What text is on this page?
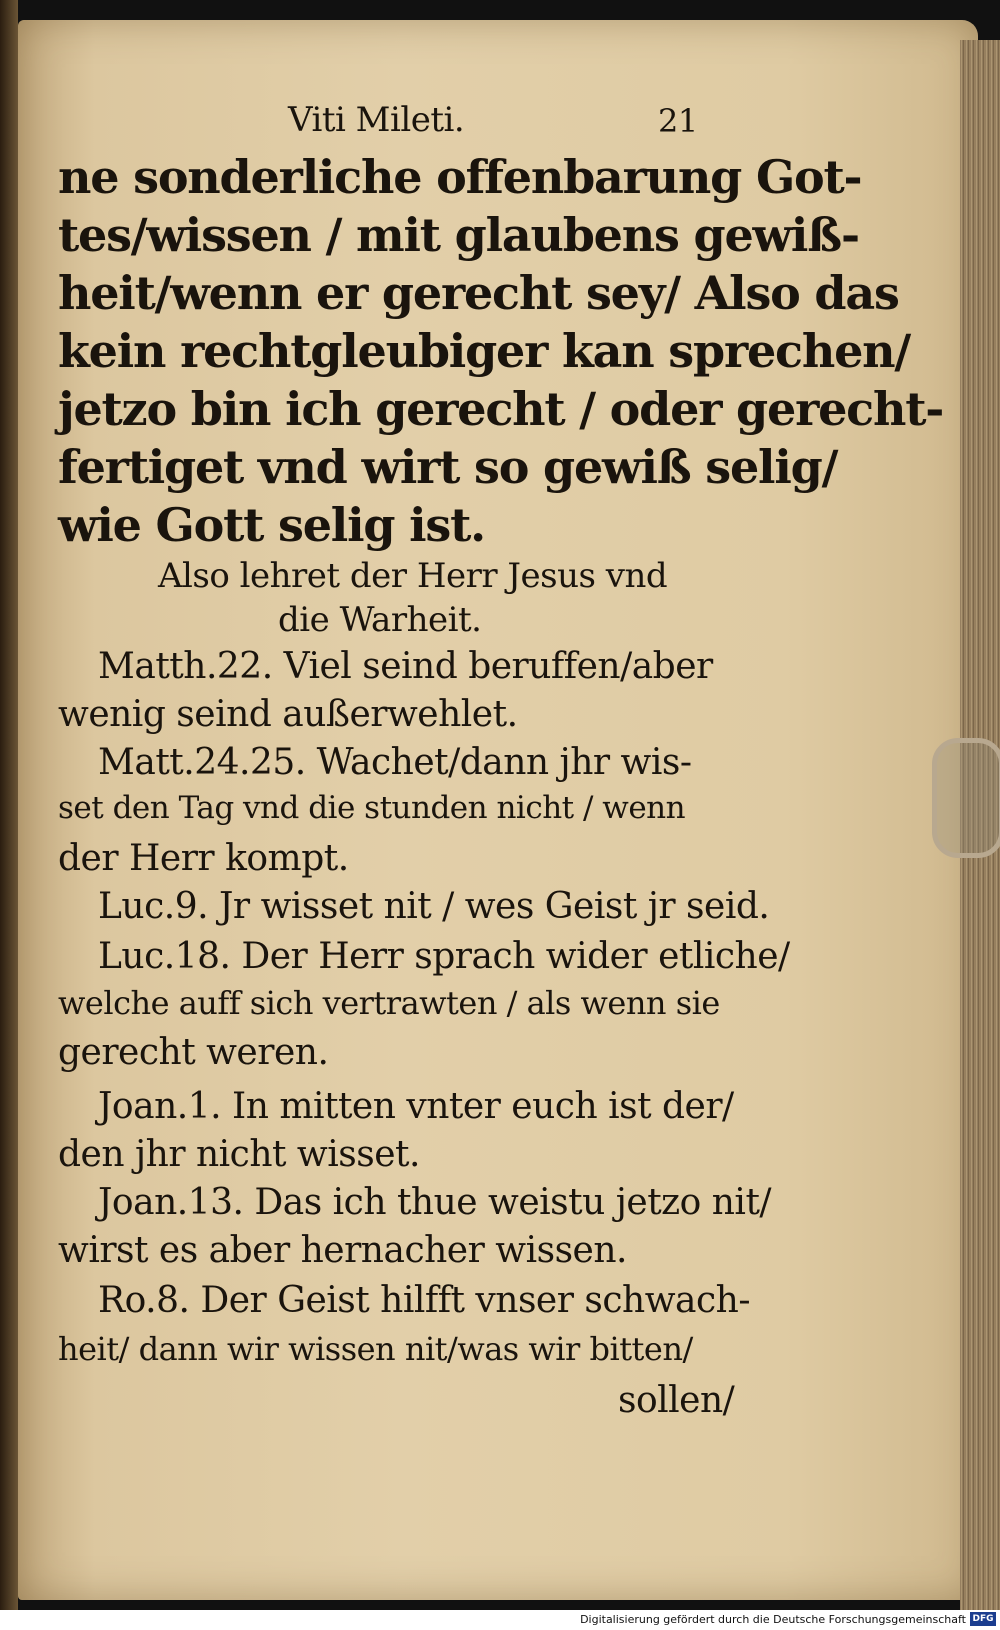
Viti Mileti.	21
ne sonderliche offenbarung Got-
tes/wissen / mit glaubens gewiß-
heit/wenn er gerecht sey/ Also das
kein rechtgleubiger kan sprechen/
jetzo bin ich gerecht / oder gerecht-
fertiget vnd wirt so gewiß selig/
wie Gott selig ist.
Also lehret der Herr Jesus vnd
die Warheit.
Matth.22. Viel seind beruffen/aber
wenig seind außerwehlet.
Matt.24.25. Wachet/dann jhr wis-
set den Tag vnd die stunden nicht / wenn
der Herr kompt.
Luc.9. Jr wisset nit / wes Geist jr seid.
Luc.18. Der Herr sprach wider etliche/
welche auff sich vertrawten / als wenn sie
gerecht weren.
Joan.1. In mitten vnter euch ist der/
den jhr nicht wisset.
Joan.13. Das ich thue weistu jetzo nit/
wirst es aber hernacher wissen.
Ro.8. Der Geist hilfft vnser schwach-
heit/ dann wir wissen nit/was wir bitten/
sollen/
Digitalisierung gefördert durch die Deutsche Forschungsgemeinschaft DFG
